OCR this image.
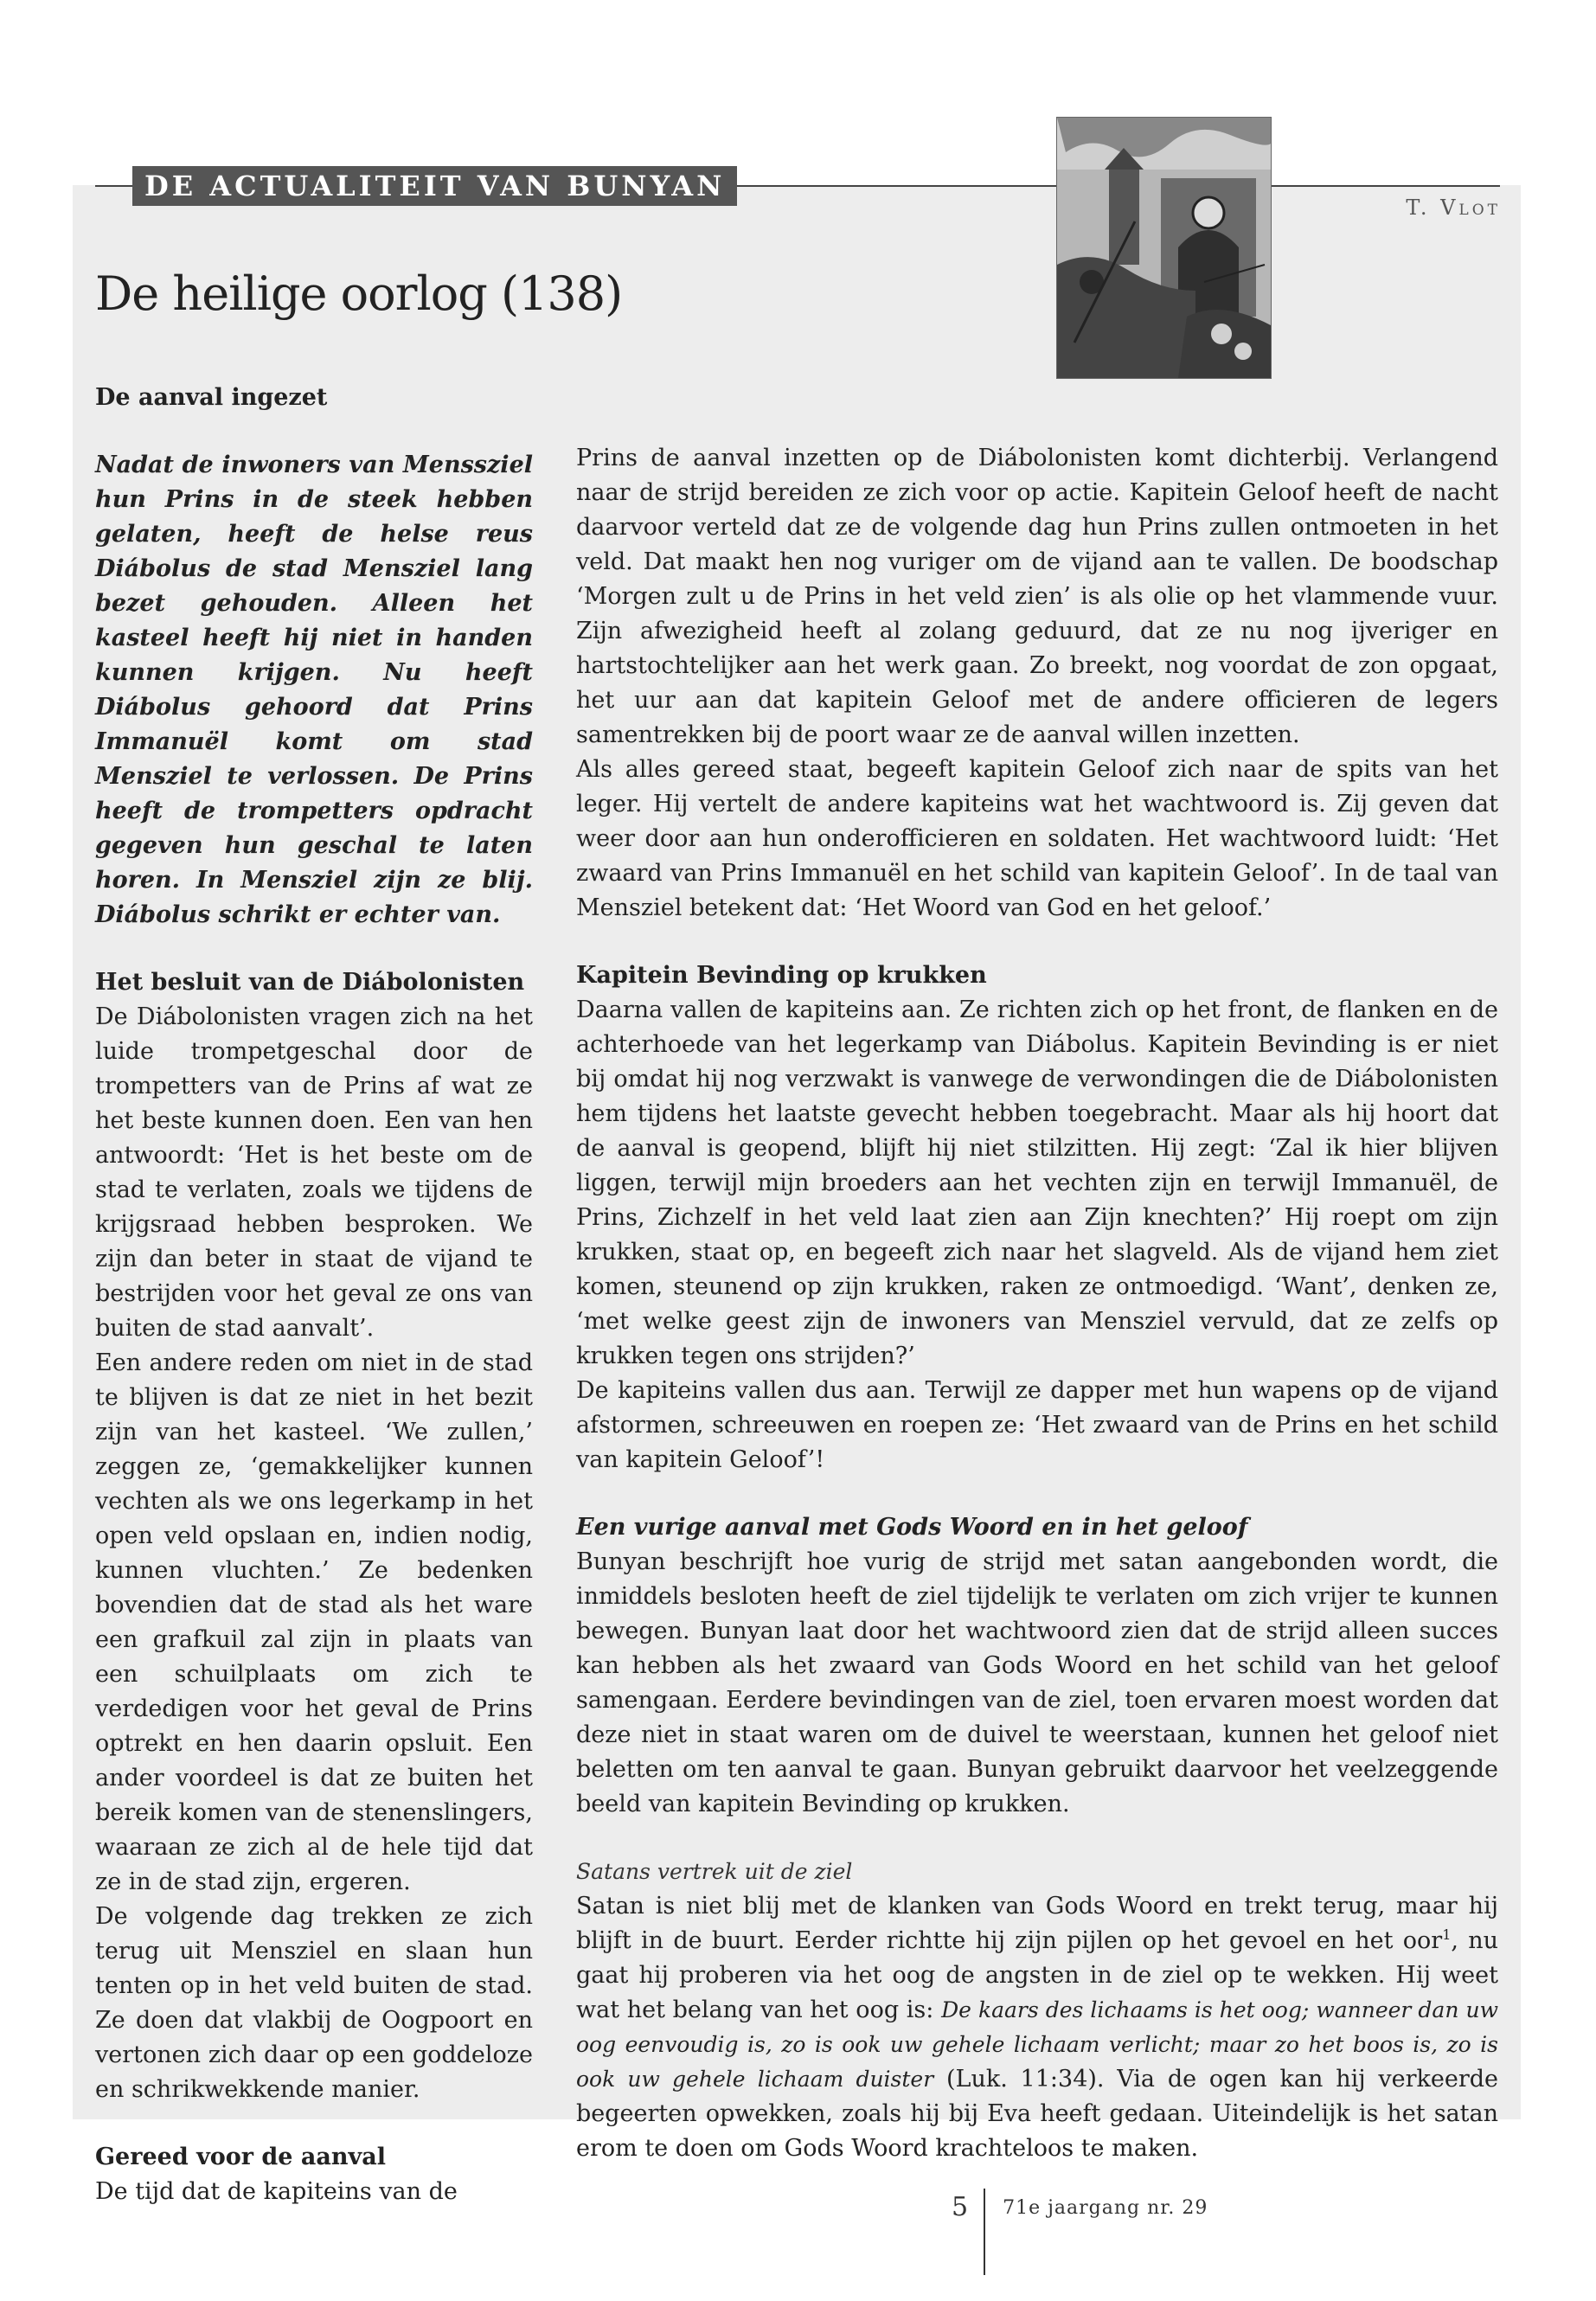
DE ACTUALITEIT VAN BUNYAN
T. Vlot
De heilige oorlog (138)
De aanval ingezet

Nadat de inwoners van Menssziel hun Prins in de steek hebben gelaten, heeft de helse reus Diábolus de stad Mensziel lang bezet gehouden. Alleen het kasteel heeft hij niet in handen kunnen krijgen. Nu heeft Diábolus gehoord dat Prins Immanuël komt om stad Mensziel te verlossen. De Prins heeft de trompetters opdracht gegeven hun geschal te laten horen. In Mensziel zijn ze blij. Diábolus schrikt er echter van.

Het besluit van de Diábolonisten

De Diábolonisten vragen zich na het luide trompetgeschal door de trompetters van de Prins af wat ze het beste kunnen doen. Een van hen antwoordt: ‘Het is het beste om de stad te verlaten, zoals we tijdens de krijgsraad hebben besproken. We zijn dan beter in staat de vijand te bestrijden voor het geval ze ons van buiten de stad aanvalt’.

Een andere reden om niet in de stad te blijven is dat ze niet in het bezit zijn van het kasteel. ‘We zullen,’ zeggen ze, ‘gemakkelijker kunnen vechten als we ons legerkamp in het open veld opslaan en, indien nodig, kunnen vluchten.’ Ze bedenken bovendien dat de stad als het ware een grafkuil zal zijn in plaats van een schuilplaats om zich te verdedigen voor het geval de Prins optrekt en hen daarin opsluit. Een ander voordeel is dat ze buiten het bereik komen van de stenenslingers, waaraan ze zich al de hele tijd dat ze in de stad zijn, ergeren.

De volgende dag trekken ze zich terug uit Mensziel en slaan hun tenten op in het veld buiten de stad. Ze doen dat vlakbij de Oogpoort en vertonen zich daar op een goddeloze en schrikwekkende manier.

Gereed voor de aanval

De tijd dat de kapiteins van de

Prins de aanval inzetten op de Diábolonisten komt dichterbij. Verlangend naar de strijd bereiden ze zich voor op actie. Kapitein Geloof heeft de nacht daarvoor verteld dat ze de volgende dag hun Prins zullen ontmoeten in het veld. Dat maakt hen nog vuriger om de vijand aan te vallen. De boodschap ‘Morgen zult u de Prins in het veld zien’ is als olie op het vlammende vuur. Zijn afwezigheid heeft al zolang geduurd, dat ze nu nog ijveriger en hartstochtelijker aan het werk gaan. Zo breekt, nog voordat de zon opgaat, het uur aan dat kapitein Geloof met de andere officieren de legers samentrekken bij de poort waar ze de aanval willen inzetten.

Als alles gereed staat, begeeft kapitein Geloof zich naar de spits van het leger. Hij vertelt de andere kapiteins wat het wachtwoord is. Zij geven dat weer door aan hun onderofficieren en soldaten. Het wachtwoord luidt: ‘Het zwaard van Prins Immanuël en het schild van kapitein Geloof’. In de taal van Mensziel betekent dat: ‘Het Woord van God en het geloof.’

Kapitein Bevinding op krukken

Daarna vallen de kapiteins aan. Ze richten zich op het front, de flanken en de achterhoede van het legerkamp van Diábolus. Kapitein Bevinding is er niet bij omdat hij nog verzwakt is vanwege de verwondingen die de Diábolonisten hem tijdens het laatste gevecht hebben toegebracht. Maar als hij hoort dat de aanval is geopend, blijft hij niet stilzitten. Hij zegt: ‘Zal ik hier blijven liggen, terwijl mijn broeders aan het vechten zijn en terwijl Immanuël, de Prins, Zichzelf in het veld laat zien aan Zijn knechten?’ Hij roept om zijn krukken, staat op, en begeeft zich naar het slagveld. Als de vijand hem ziet komen, steunend op zijn krukken, raken ze ontmoedigd. ‘Want’, denken ze, ‘met welke geest zijn de inwoners van Mensziel vervuld, dat ze zelfs op krukken tegen ons strijden?’

De kapiteins vallen dus aan. Terwijl ze dapper met hun wapens op de vijand afstormen, schreeuwen en roepen ze: ‘Het zwaard van de Prins en het schild van kapitein Geloof’!

Een vurige aanval met Gods Woord en in het geloof

Bunyan beschrijft hoe vurig de strijd met satan aangebonden wordt, die inmiddels besloten heeft de ziel tijdelijk te verlaten om zich vrijer te kunnen bewegen. Bunyan laat door het wachtwoord zien dat de strijd alleen succes kan hebben als het zwaard van Gods Woord en het schild van het geloof samengaan. Eerdere bevindingen van de ziel, toen ervaren moest worden dat deze niet in staat waren om de duivel te weerstaan, kunnen het geloof niet beletten om ten aanval te gaan. Bunyan gebruikt daarvoor het veelzeggende beeld van kapitein Bevinding op krukken.

Satans vertrek uit de ziel

Satan is niet blij met de klanken van Gods Woord en trekt terug, maar hij blijft in de buurt. Eerder richtte hij zijn pijlen op het gevoel en het oor$^1$, nu gaat hij proberen via het oog de angsten in de ziel op te wekken. Hij weet wat het belang van het oog is: De kaars des lichaams is het oog; wanneer dan uw oog eenvoudig is, zo is ook uw gehele lichaam verlicht; maar zo het boos is, zo is ook uw gehele lichaam duister (Luk. 11:34). Via de ogen kan hij verkeerde begeerten opwekken, zoals hij bij Eva heeft gedaan. Uiteindelijk is het satan erom te doen om Gods Woord krachteloos te maken.

5	71e jaargang nr. 29
